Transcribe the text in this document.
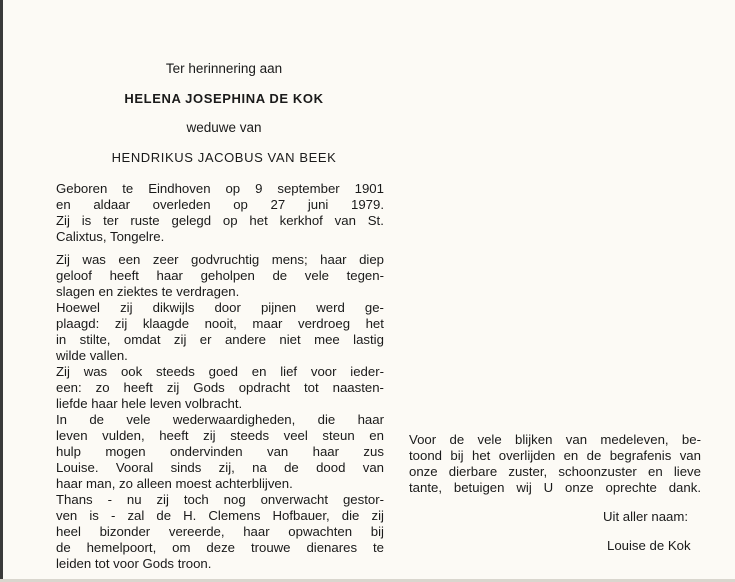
Ter herinnering aan
HELENA JOSEPHINA DE KOK
weduwe van
HENDRIKUS JACOBUS VAN BEEK
Geboren te Eindhoven op 9 september 1901
en aldaar overleden op 27 juni 1979.
Zij is ter ruste gelegd op het kerkhof van St.
Calixtus, Tongelre.
Zij was een zeer godvruchtig mens; haar diep
geloof heeft haar geholpen de vele tegen-
slagen en ziektes te verdragen.
Hoewel zij dikwijls door pijnen werd ge-
plaagd: zij klaagde nooit, maar verdroeg het
in stilte, omdat zij er andere niet mee lastig
wilde vallen.
Zij was ook steeds goed en lief voor ieder-
een: zo heeft zij Gods opdracht tot naasten-
liefde haar hele leven volbracht.
In de vele wederwaardigheden, die haar
leven vulden, heeft zij steeds veel steun en
hulp mogen ondervinden van haar zus
Louise. Vooral sinds zij, na de dood van
haar man, zo alleen moest achterblijven.
Thans - nu zij toch nog onverwacht gestor-
ven is - zal de H. Clemens Hofbauer, die zij
heel bizonder vereerde, haar opwachten bij
de hemelpoort, om deze trouwe dienares te
leiden tot voor Gods troon.
Voor de vele blijken van medeleven, be-
toond bij het overlijden en de begrafenis van
onze dierbare zuster, schoonzuster en lieve
tante, betuigen wij U onze oprechte dank.
Uit aller naam:
Louise de Kok
